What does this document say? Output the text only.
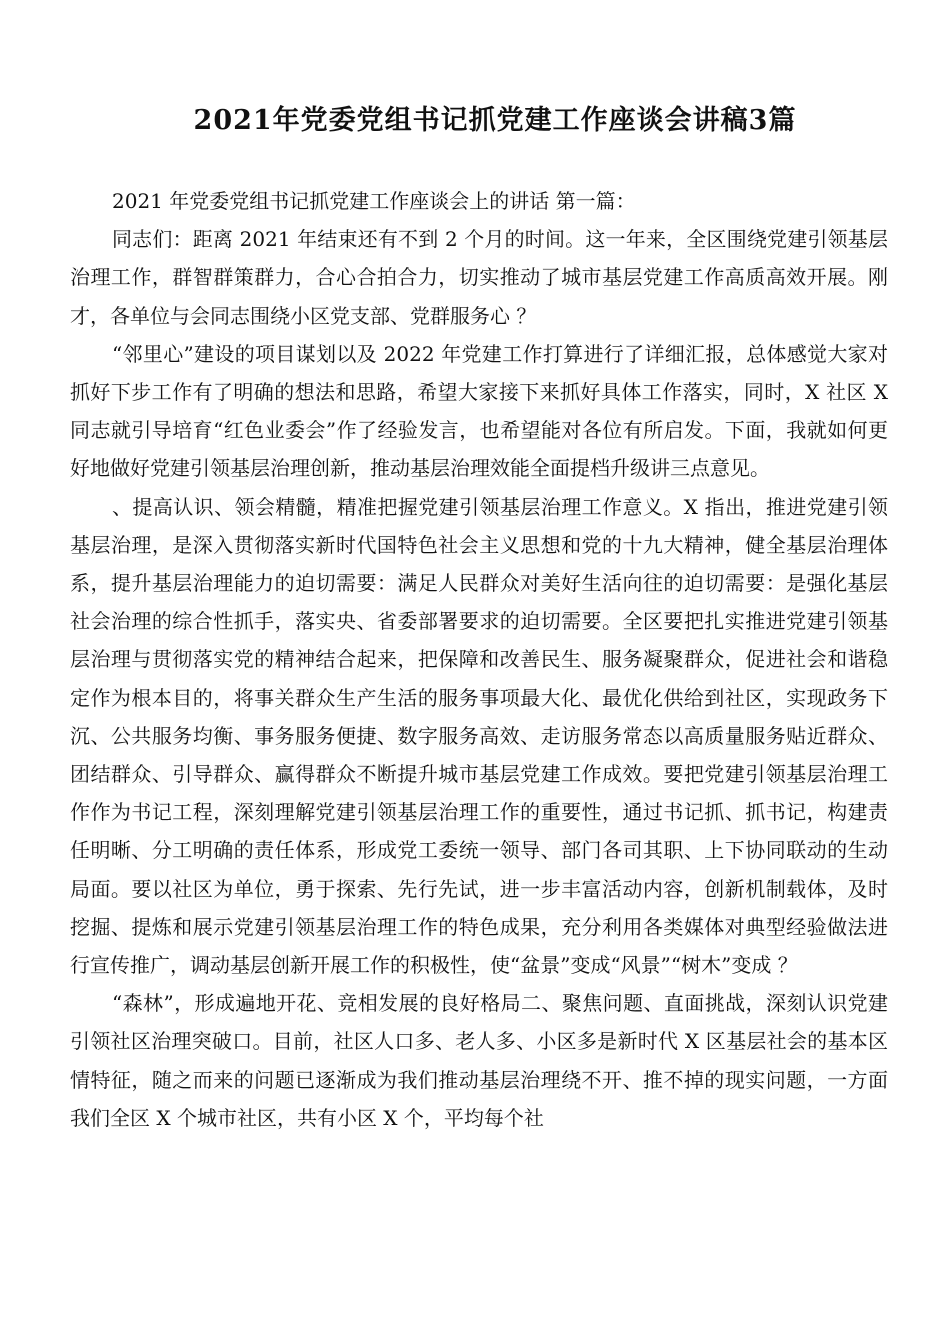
2021年党委党组书记抓党建工作座谈会讲稿3篇

2021 年党委党组书记抓党建工作座谈会上的讲话 第一篇：

同志们：距离 2021 年结束还有不到 2 个月的时间。这一年来，全区围绕党建引领基层治理工作，群智群策群力，合心合拍合力，切实推动了城市基层党建工作高质高效开展。刚才，各单位与会同志围绕小区党支部、党群服务心 ？

“邻里心”建设的项目谋划以及 2022 年党建工作打算进行了详细汇报，总体感觉大家对抓好下步工作有了明确的想法和思路，希望大家接下来抓好具体工作落实，同时，X 社区 X 同志就引导培育“红色业委会”作了经验发言，也希望能对各位有所启发。下面，我就如何更好地做好党建引领基层治理创新，推动基层治理效能全面提档升级讲三点意见。

、提高认识、领会精髓，精准把握党建引领基层治理工作意义。X 指出，推进党建引领基层治理，是深入贯彻落实新时代国特色社会主义思想和党的十九大精神，健全基层治理体系，提升基层治理能力的迫切需要：满足人民群众对美好生活向往的迫切需要：是强化基层社会治理的综合性抓手，落实央、省委部署要求的迫切需要。全区要把扎实推进党建引领基层治理与贯彻落实党的精神结合起来，把保障和改善民生、服务凝聚群众，促进社会和谐稳定作为根本目的，将事关群众生产生活的服务事项最大化、最优化供给到社区，实现政务下沉、公共服务均衡、事务服务便捷、数字服务高效、走访服务常态以高质量服务贴近群众、团结群众、引导群众、赢得群众不断提升城市基层党建工作成效。要把党建引领基层治理工作作为书记工程，深刻理解党建引领基层治理工作的重要性，通过书记抓、抓书记，构建责任明晰、分工明确的责任体系，形成党工委统一领导、部门各司其职、上下协同联动的生动局面。要以社区为单位，勇于探索、先行先试，进一步丰富活动内容，创新机制载体，及时挖掘、提炼和展示党建引领基层治理工作的特色成果，充分利用各类媒体对典型经验做法进行宣传推广，调动基层创新开展工作的积极性，使“盆景”变成“风景”“树木”变成 ？

“森林”，形成遍地开花、竞相发展的良好格局二、聚焦问题、直面挑战，深刻认识党建引领社区治理突破口。目前，社区人口多、老人多、小区多是新时代 X 区基层社会的基本区情特征，随之而来的问题已逐渐成为我们推动基层治理绕不开、推不掉的现实问题，一方面我们全区 X 个城市社区，共有小区 X 个，平均每个社
